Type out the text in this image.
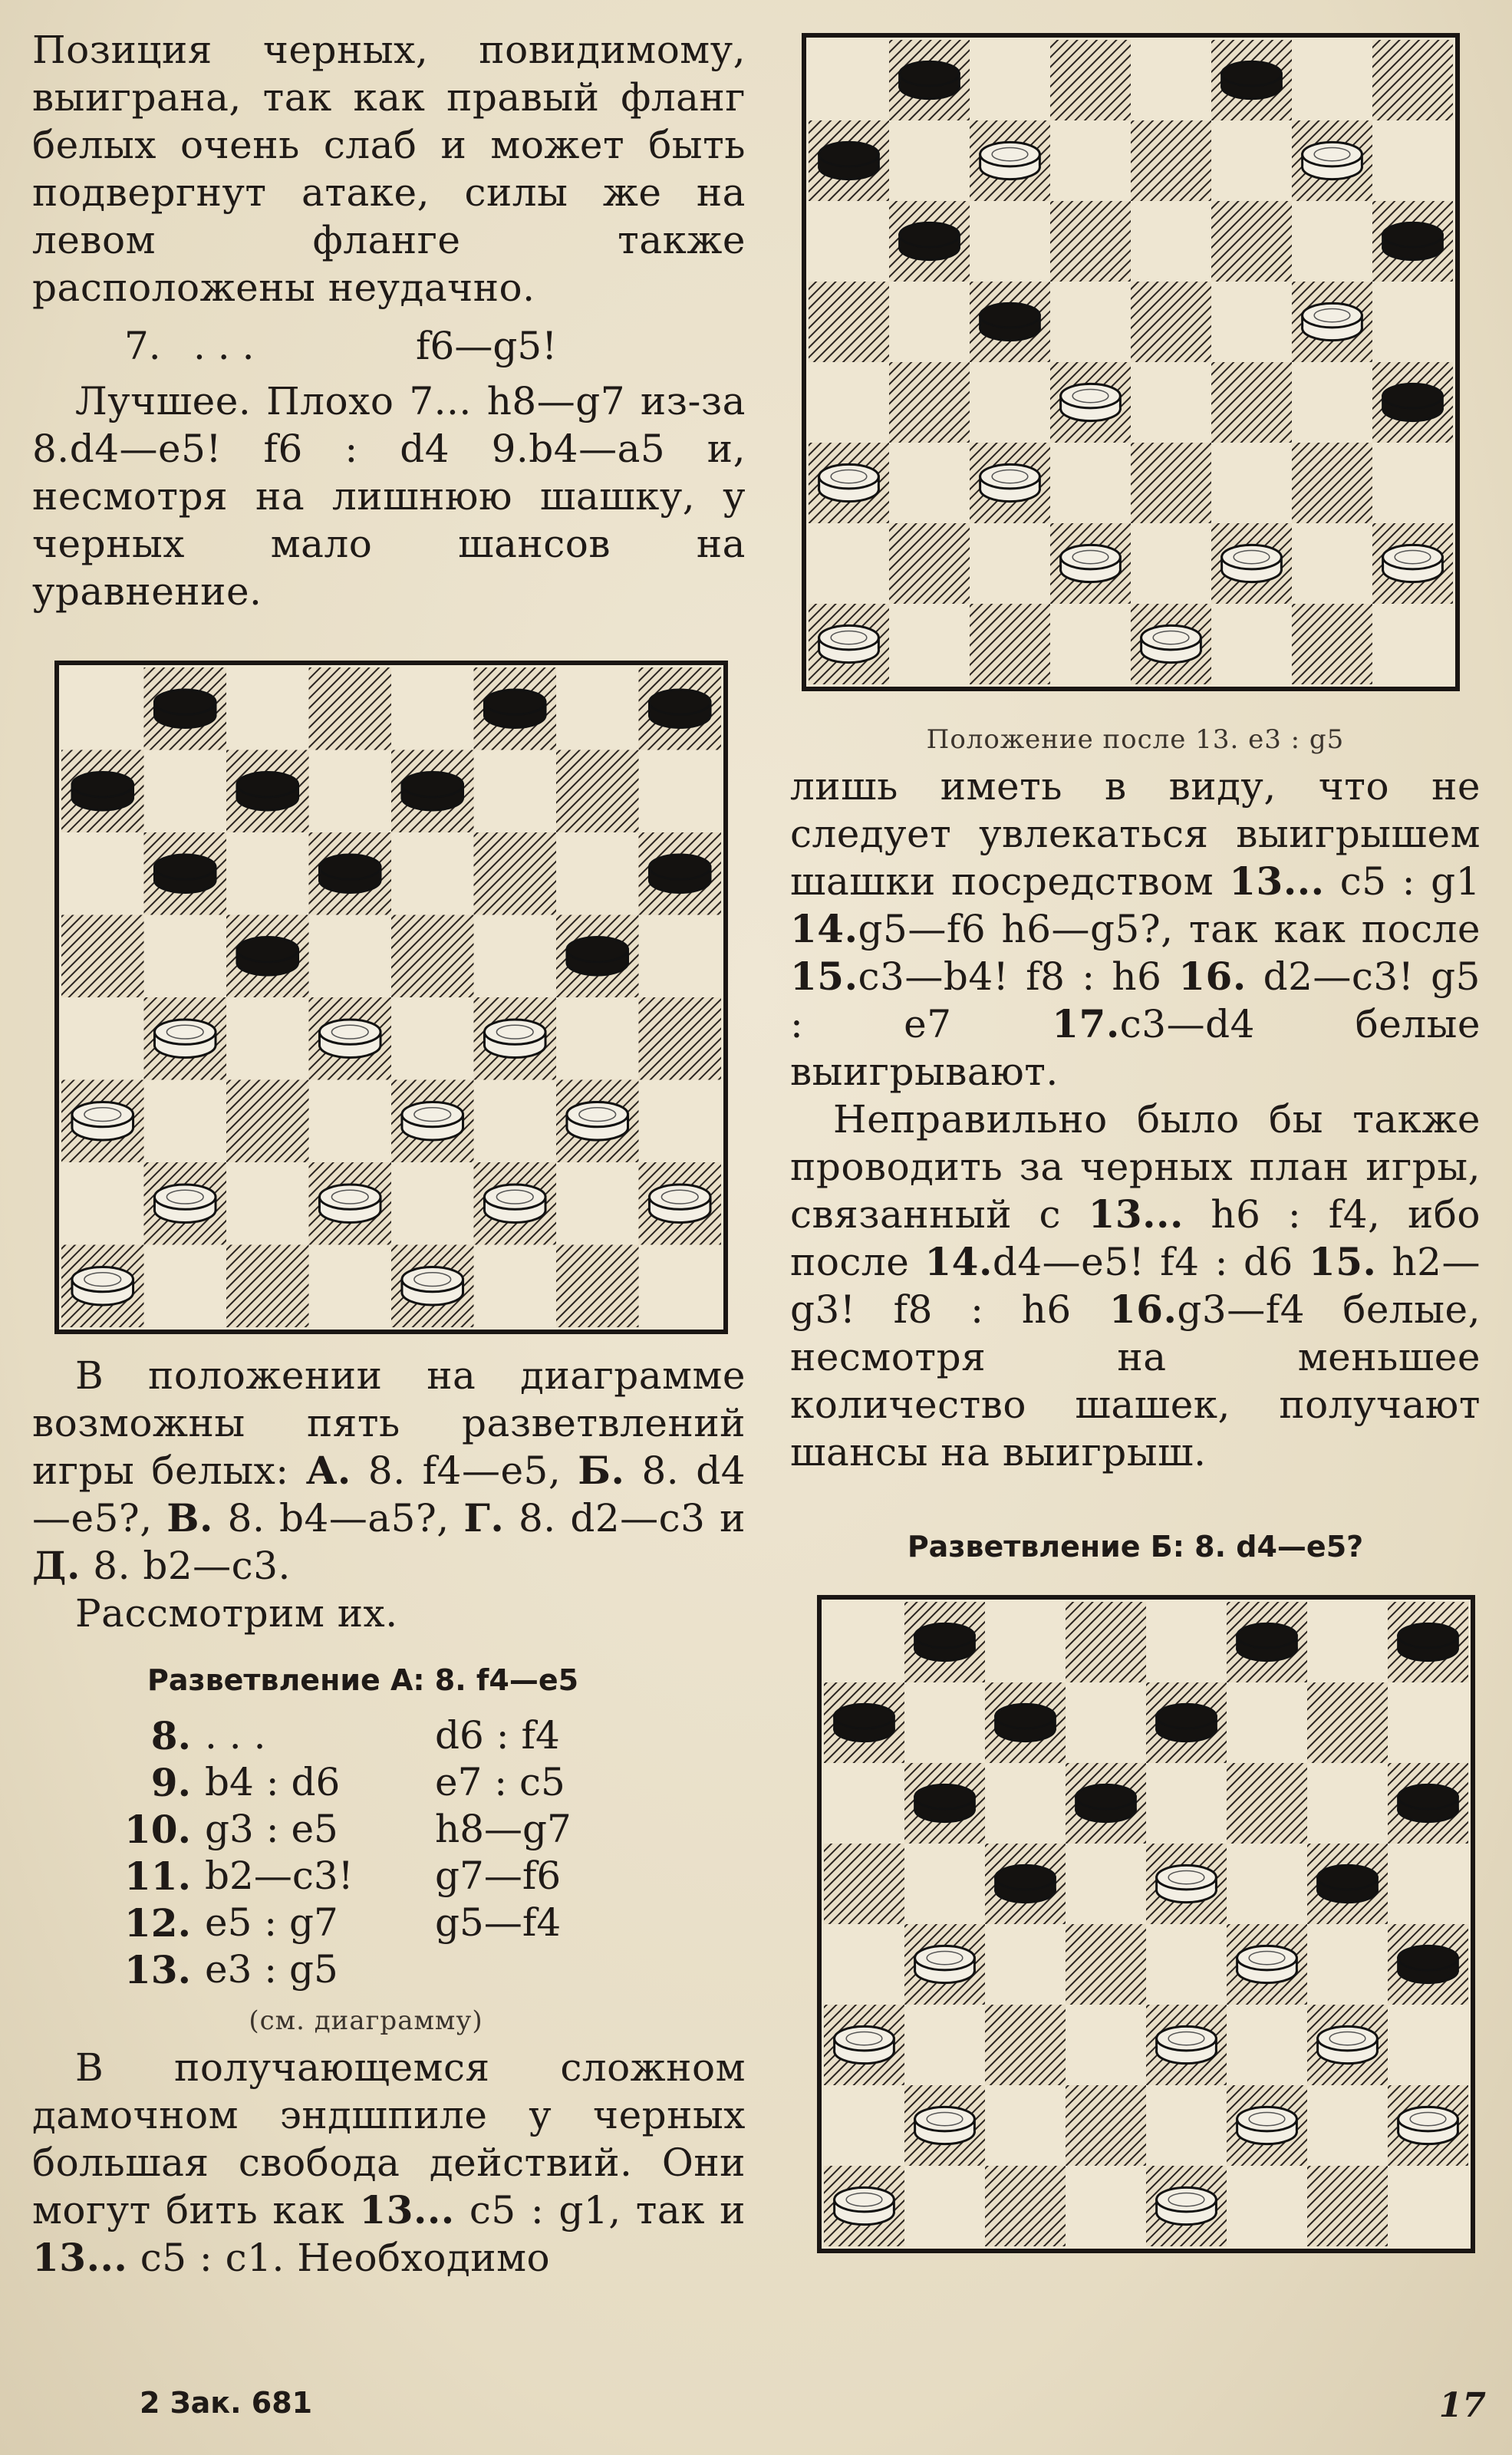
Позиция черных, повидимому, выиграна, так как правый фланг белых очень слаб и может быть подвергнут атаке, силы же на левом фланге также расположены неудачно.

7. . . .	f6—g5!

Лучшее. Плохо 7... h8—g7 из-за 8.d4—e5! f6 : d4 9.b4—a5 и, несмотря на лишнюю шашку, у черных мало шансов на уравнение.

В положении на диаграмме возможны пять разветвлений игры белых: А. 8. f4—e5, Б. 8. d4—e5?, В. 8. b4—a5?, Г. 8. d2—c3 и Д. 8. b2—c3.

Рассмотрим их.

Разветвление А: 8. f4—e5
8.	. . .	d6 : f4
9.	b4 : d6	e7 : c5
10.	g3 : e5	h8—g7
11.	b2—c3!	g7—f6
12.	e5 : g7	g5—f4
13.	e3 : g5	
(см. диаграмму)

В получающемся сложном дамочном эндшпиле у черных большая свобода действий. Они могут бить как 13... c5 : g1, так и 13... c5 : c1. Необходимо

Положение после 13. e3 : g5

лишь иметь в виду, что не следует увлекаться выигрышем шашки посредством 13... c5 : g1 14.g5—f6 h6—g5?, так как после 15.c3—b4! f8 : h6 16. d2—c3! g5 : e7 17.c3—d4 белые выигрывают.

Неправильно было бы также проводить за черных план игры, связанный с 13... h6 : f4, ибо после 14.d4—e5! f4 : d6 15. h2—g3! f8 : h6 16.g3—f4 белые, несмотря на меньшее количество шашек, получают шансы на выигрыш.

Разветвление Б: 8. d4—e5?
2 Зак. 681	17
